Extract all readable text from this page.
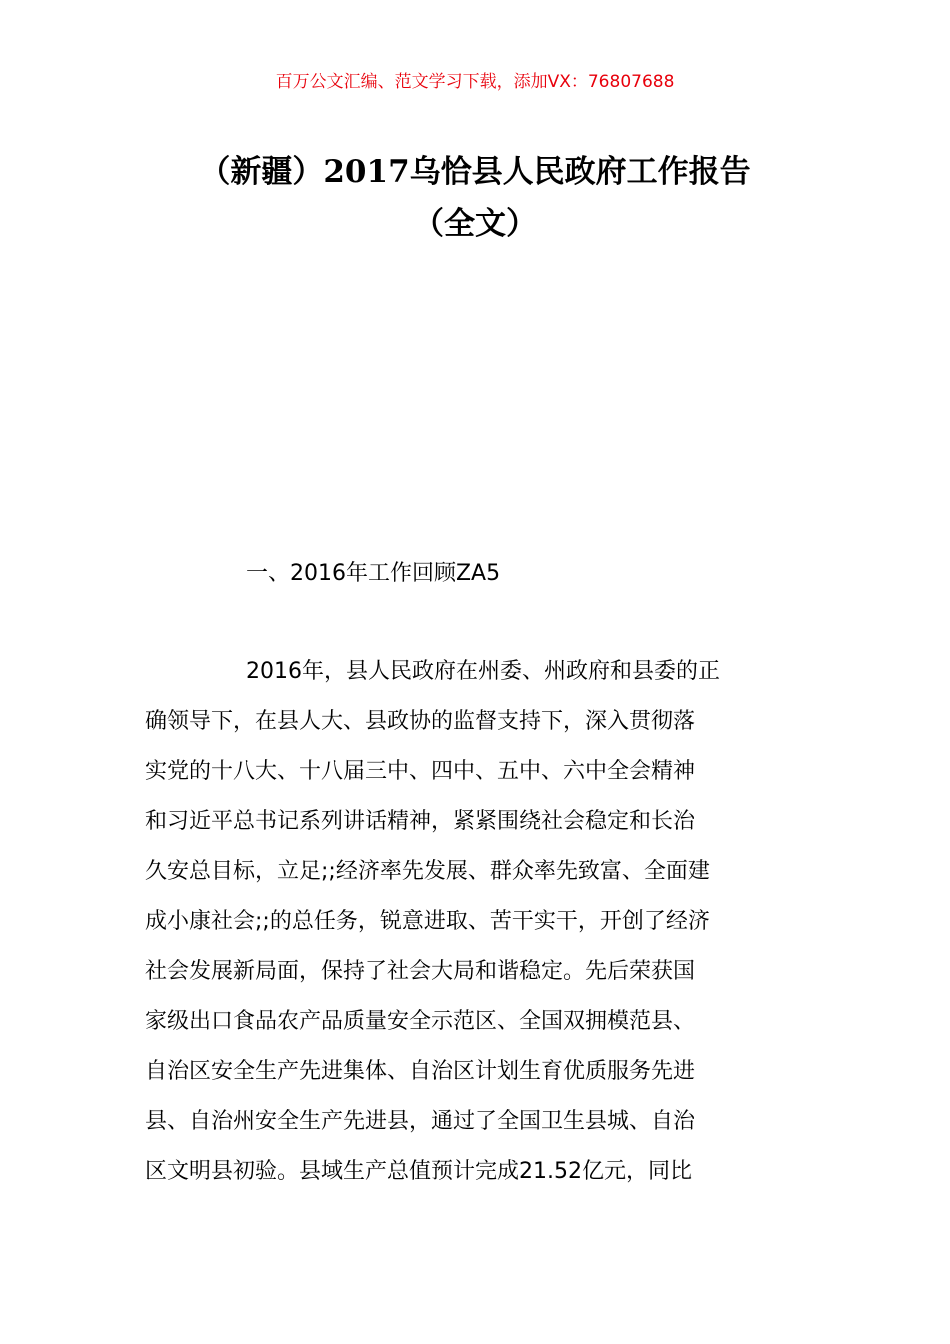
百万公文汇编、范文学习下载，添加VX：76807688
（新疆）2017乌恰县人民政府工作报告
（全文）
一、2016年工作回顾ZA5
2016年，县人民政府在州委、州政府和县委的正
确领导下，在县人大、县政协的监督支持下，深入贯彻落
实党的十八大、十八届三中、四中、五中、六中全会精神
和习近平总书记系列讲话精神，紧紧围绕社会稳定和长治
久安总目标，立足;;经济率先发展、群众率先致富、全面建
成小康社会;;的总任务，锐意进取、苦干实干，开创了经济
社会发展新局面，保持了社会大局和谐稳定。先后荣获国
家级出口食品农产品质量安全示范区、全国双拥模范县、
自治区安全生产先进集体、自治区计划生育优质服务先进
县、自治州安全生产先进县，通过了全国卫生县城、自治
区文明县初验。县域生产总值预计完成21.52亿元，同比
